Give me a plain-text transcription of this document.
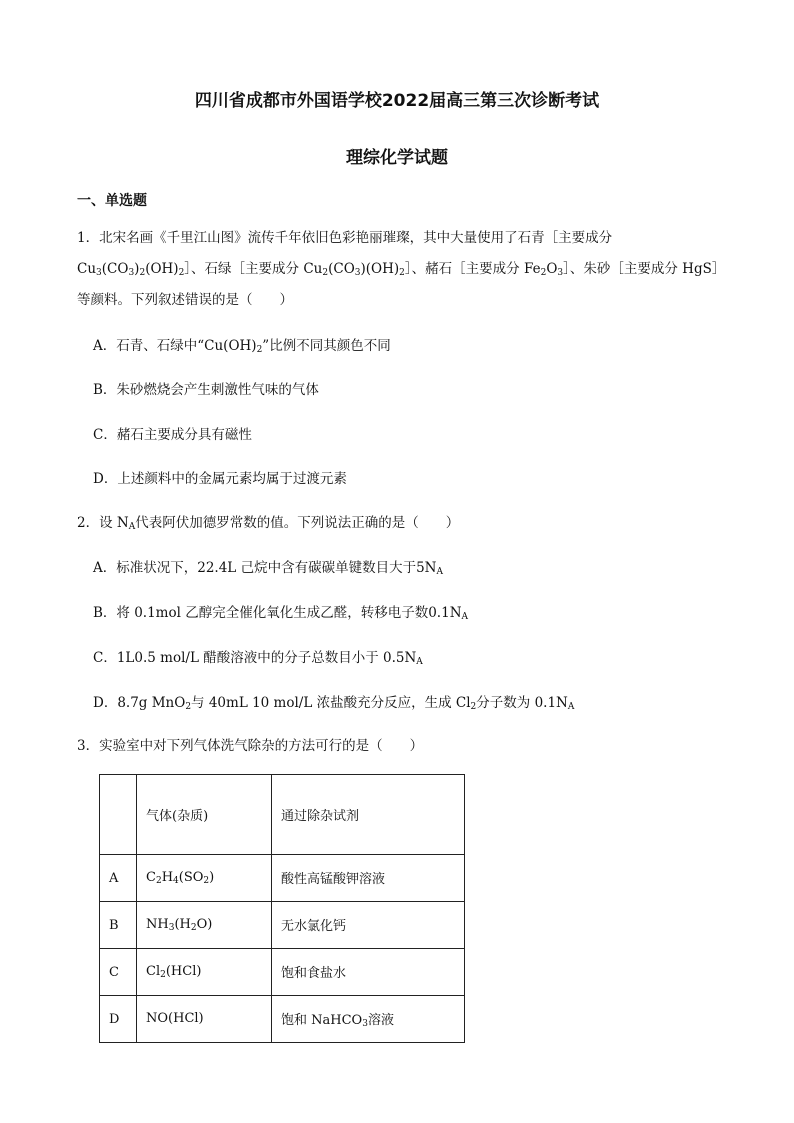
四川省成都市外国语学校2022届高三第三次诊断考试
理综化学试题
一、单选题
1．北宋名画《千里江山图》流传千年依旧色彩艳丽璀璨，其中大量使用了石青［主要成分
$Cu_3(CO_3)_2(OH)_2]$、石绿［主要成分 $Cu_2(CO_3)(OH)_2]$、赭石［主要成分 $Fe_2O_3]$、朱砂［主要成分 HgS］
等颜料。下列叙述错误的是（　　）
A．石青、石绿中“$Cu(OH)_2$”比例不同其颜色不同
B．朱砂燃烧会产生刺激性气味的气体
C．赭石主要成分具有磁性
D．上述颜料中的金属元素均属于过渡元素
2．设 $N_A$代表阿伏加德罗常数的值。下列说法正确的是（　　）
A．标准状况下，22.4L 己烷中含有碳碳单键数目大于$5N_A$
B．将 0.1mol 乙醇完全催化氧化生成乙醛，转移电子数$0.1N_A$
C．1L0.5 mol/L 醋酸溶液中的分子总数目小于 $0.5N_A$
D．8.7g MnO$_2$与 40mL 10 mol/L 浓盐酸充分反应，生成 $Cl_2$分子数为 $0.1N_A$
3．实验室中对下列气体洗气除杂的方法可行的是（　　）
	气体(杂质)	通过除杂试剂
A	$C_2H_4(SO_2)$	酸性高锰酸钾溶液
B	$NH_3(H_2O)$	无水氯化钙
C	$Cl_2(HCl)$	饱和食盐水
D	NO(HCl)	饱和 NaHCO$_3$溶液
